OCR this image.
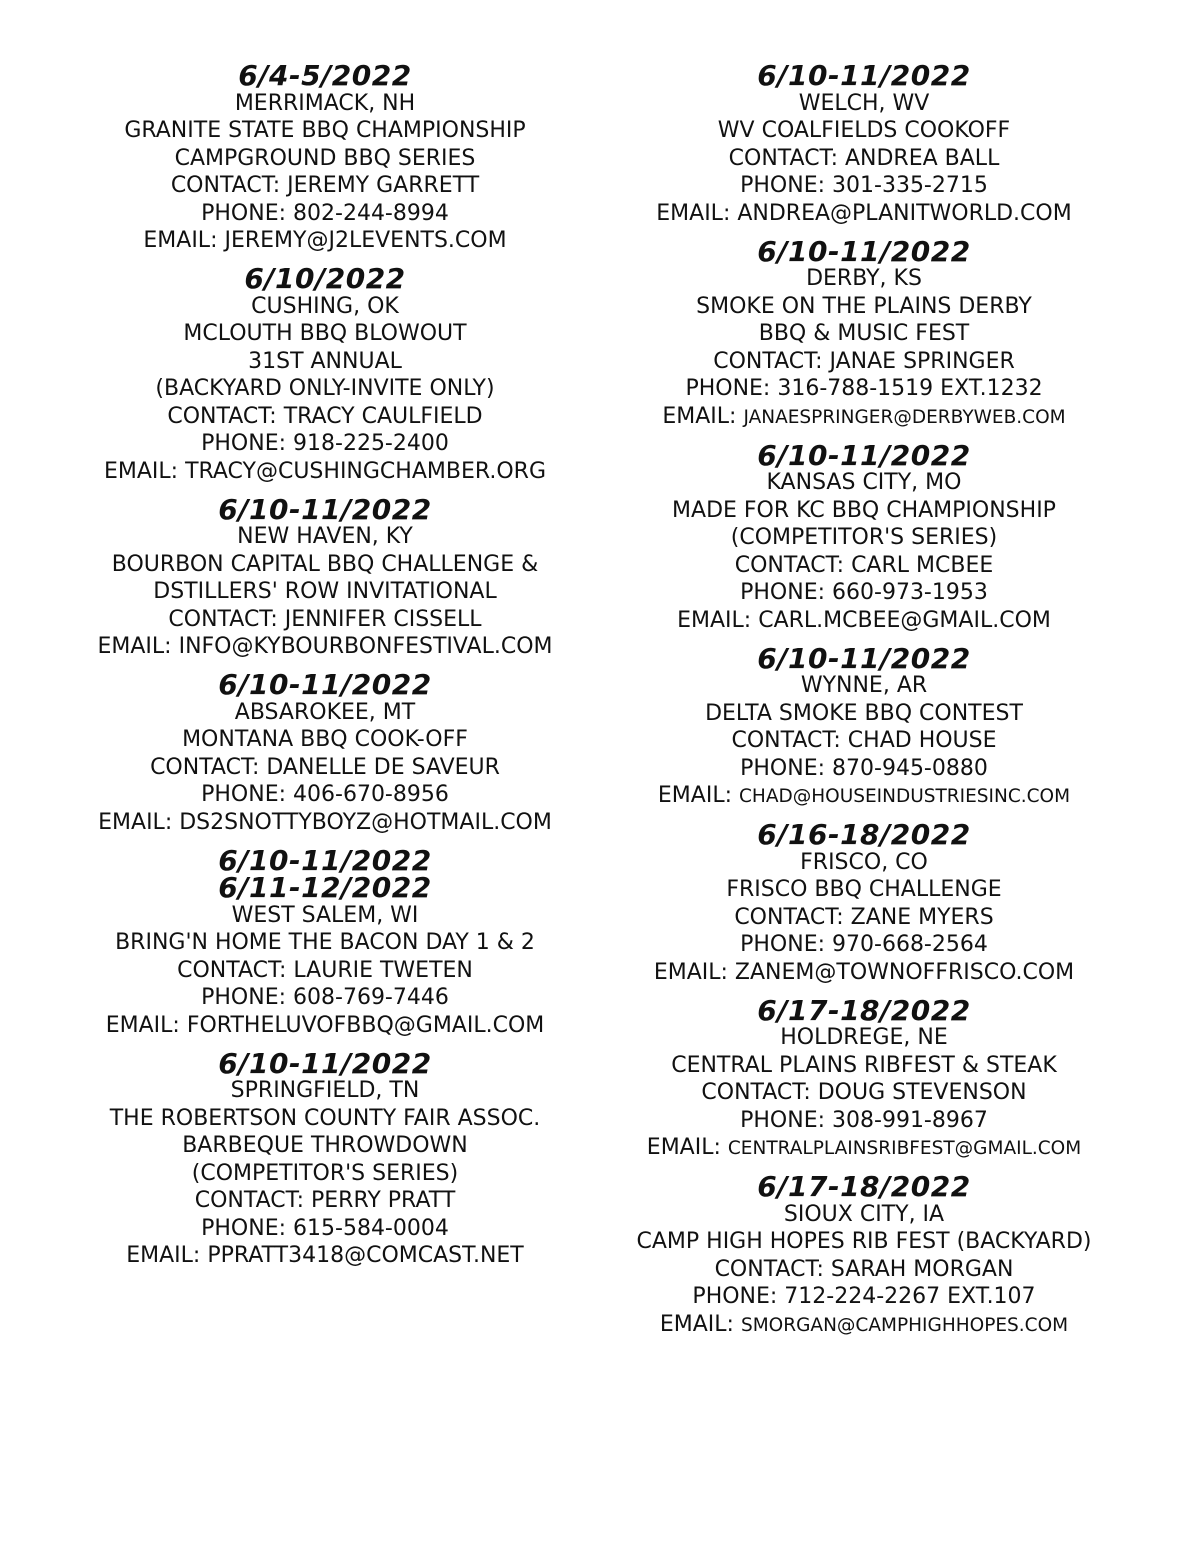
6/4-5/2022
MERRIMACK, NH
GRANITE STATE BBQ CHAMPIONSHIP
CAMPGROUND BBQ SERIES
CONTACT: JEREMY GARRETT
PHONE: 802-244-8994
EMAIL: JEREMY@J2LEVENTS.COM
6/10/2022
CUSHING, OK
MCLOUTH BBQ BLOWOUT
31ST ANNUAL
(BACKYARD ONLY-INVITE ONLY)
CONTACT: TRACY CAULFIELD
PHONE: 918-225-2400
EMAIL: TRACY@CUSHINGCHAMBER.ORG
6/10-11/2022
NEW HAVEN, KY
BOURBON CAPITAL BBQ CHALLENGE &
DSTILLERS' ROW INVITATIONAL
CONTACT: JENNIFER CISSELL
EMAIL: INFO@KYBOURBONFESTIVAL.COM
6/10-11/2022
ABSAROKEE, MT
MONTANA BBQ COOK-OFF
CONTACT: DANELLE DE SAVEUR
PHONE: 406-670-8956
EMAIL: DS2SNOTTYBOYZ@HOTMAIL.COM
6/10-11/2022
6/11-12/2022
WEST SALEM, WI
BRING'N HOME THE BACON DAY 1 & 2
CONTACT: LAURIE TWETEN
PHONE: 608-769-7446
EMAIL: FORTHELUVOFBBQ@GMAIL.COM
6/10-11/2022
SPRINGFIELD, TN
THE ROBERTSON COUNTY FAIR ASSOC.
BARBEQUE THROWDOWN
(COMPETITOR'S SERIES)
CONTACT: PERRY PRATT
PHONE: 615-584-0004
EMAIL: PPRATT3418@COMCAST.NET
6/10-11/2022
WELCH, WV
WV COALFIELDS COOKOFF
CONTACT: ANDREA BALL
PHONE: 301-335-2715
EMAIL: ANDREA@PLANITWORLD.COM
6/10-11/2022
DERBY, KS
SMOKE ON THE PLAINS DERBY
BBQ & MUSIC FEST
CONTACT: JANAE SPRINGER
PHONE: 316-788-1519 EXT.1232
EMAIL: JANAESPRINGER@DERBYWEB.COM
6/10-11/2022
KANSAS CITY, MO
MADE FOR KC BBQ CHAMPIONSHIP
(COMPETITOR'S SERIES)
CONTACT: CARL MCBEE
PHONE: 660-973-1953
EMAIL: CARL.MCBEE@GMAIL.COM
6/10-11/2022
WYNNE, AR
DELTA SMOKE BBQ CONTEST
CONTACT: CHAD HOUSE
PHONE: 870-945-0880
EMAIL: CHAD@HOUSEINDUSTRIESINC.COM
6/16-18/2022
FRISCO, CO
FRISCO BBQ CHALLENGE
CONTACT: ZANE MYERS
PHONE: 970-668-2564
EMAIL: ZANEM@TOWNOFFRISCO.COM
6/17-18/2022
HOLDREGE, NE
CENTRAL PLAINS RIBFEST & STEAK
CONTACT: DOUG STEVENSON
PHONE: 308-991-8967
EMAIL: CENTRALPLAINSRIBFEST@GMAIL.COM
6/17-18/2022
SIOUX CITY, IA
CAMP HIGH HOPES RIB FEST (BACKYARD)
CONTACT: SARAH MORGAN
PHONE: 712-224-2267 EXT.107
EMAIL: SMORGAN@CAMPHIGHHOPES.COM
